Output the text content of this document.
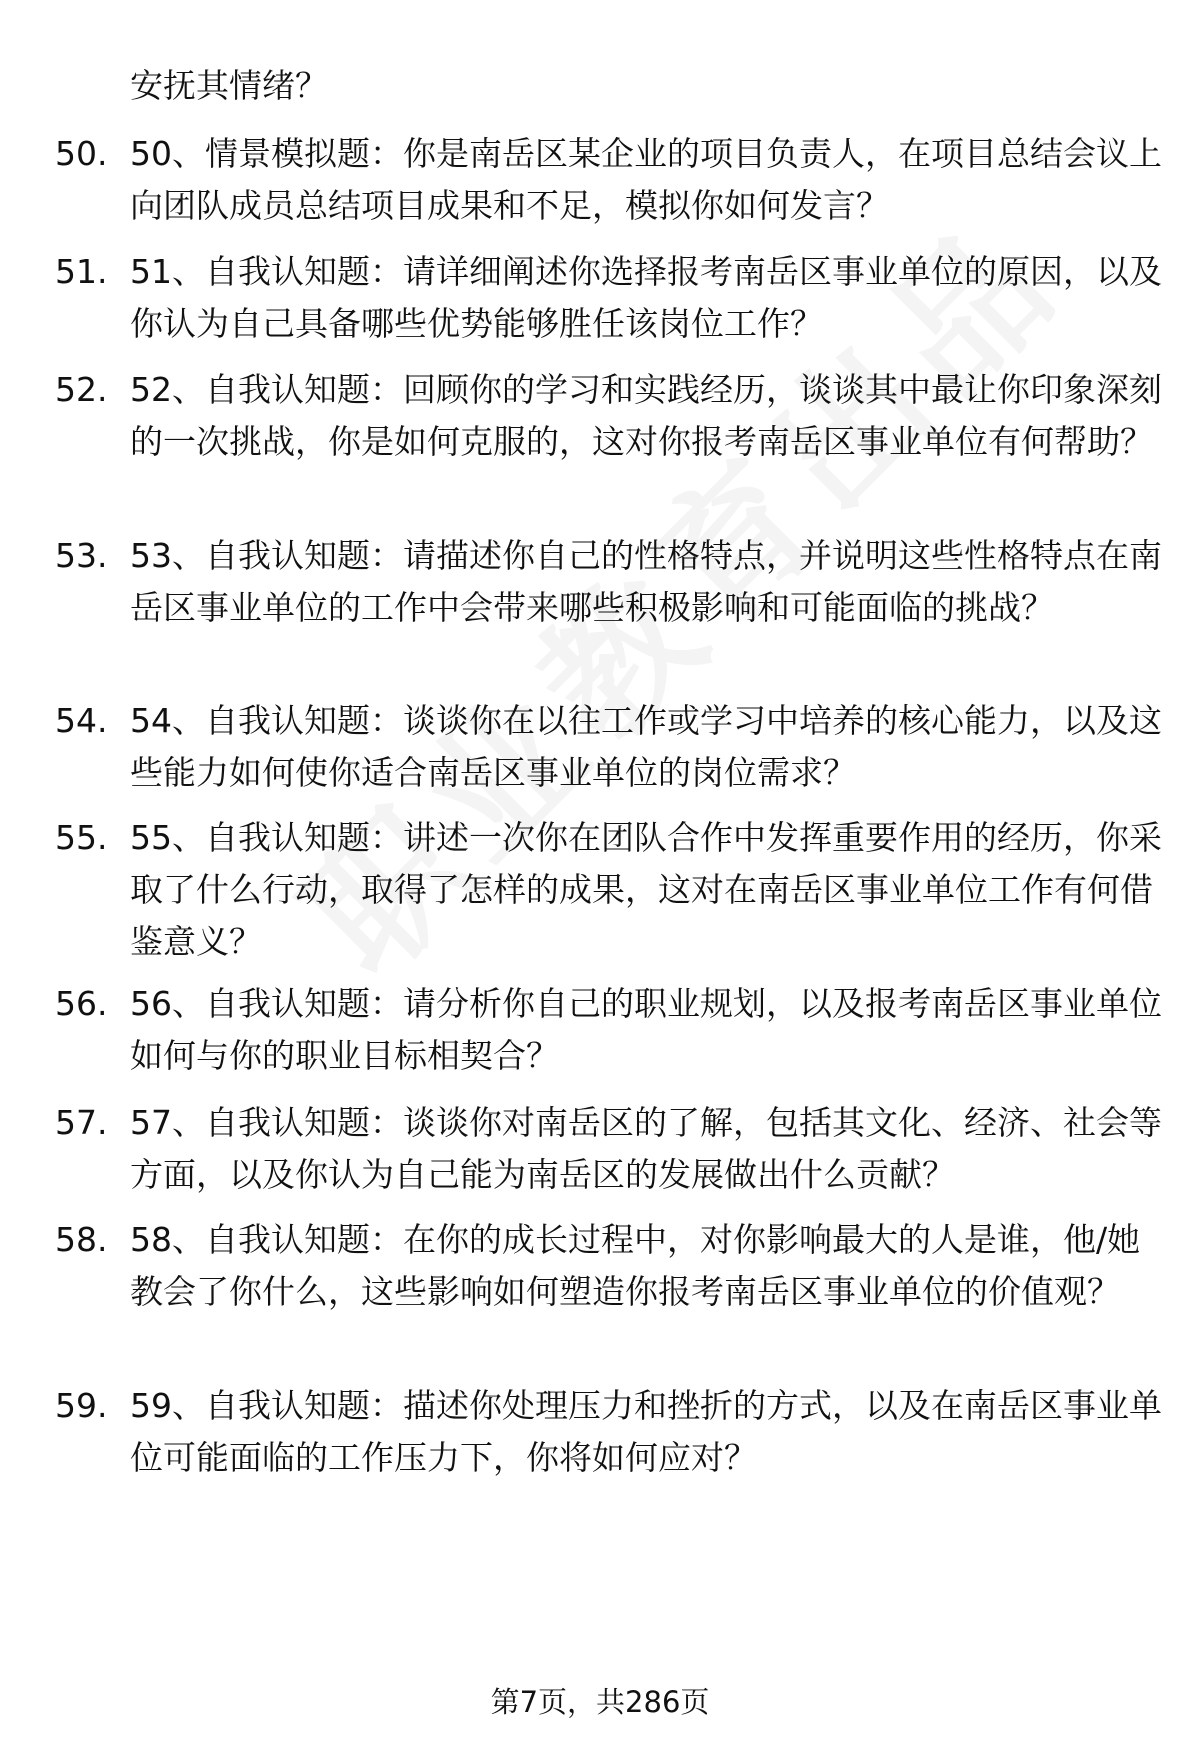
安抚其情绪？
50. 50、情景模拟题：你是南岳区某企业的项目负责人，在项目总结会议上向团队成员总结项目成果和不足，模拟你如何发言？
51. 51、自我认知题：请详细阐述你选择报考南岳区事业单位的原因，以及你认为自己具备哪些优势能够胜任该岗位工作？
52. 52、自我认知题：回顾你的学习和实践经历，谈谈其中最让你印象深刻的一次挑战，你是如何克服的，这对你报考南岳区事业单位有何帮助？
53. 53、自我认知题：请描述你自己的性格特点，并说明这些性格特点在南岳区事业单位的工作中会带来哪些积极影响和可能面临的挑战？
54. 54、自我认知题：谈谈你在以往工作或学习中培养的核心能力，以及这些能力如何使你适合南岳区事业单位的岗位需求？
55. 55、自我认知题：讲述一次你在团队合作中发挥重要作用的经历，你采取了什么行动，取得了怎样的成果，这对在南岳区事业单位工作有何借鉴意义？
56. 56、自我认知题：请分析你自己的职业规划，以及报考南岳区事业单位如何与你的职业目标相契合？
57. 57、自我认知题：谈谈你对南岳区的了解，包括其文化、经济、社会等方面，以及你认为自己能为南岳区的发展做出什么贡献？
58. 58、自我认知题：在你的成长过程中，对你影响最大的人是谁，他/她教会了你什么，这些影响如何塑造你报考南岳区事业单位的价值观？
59. 59、自我认知题：描述你处理压力和挫折的方式，以及在南岳区事业单位可能面临的工作压力下，你将如何应对？
第7页，共286页
